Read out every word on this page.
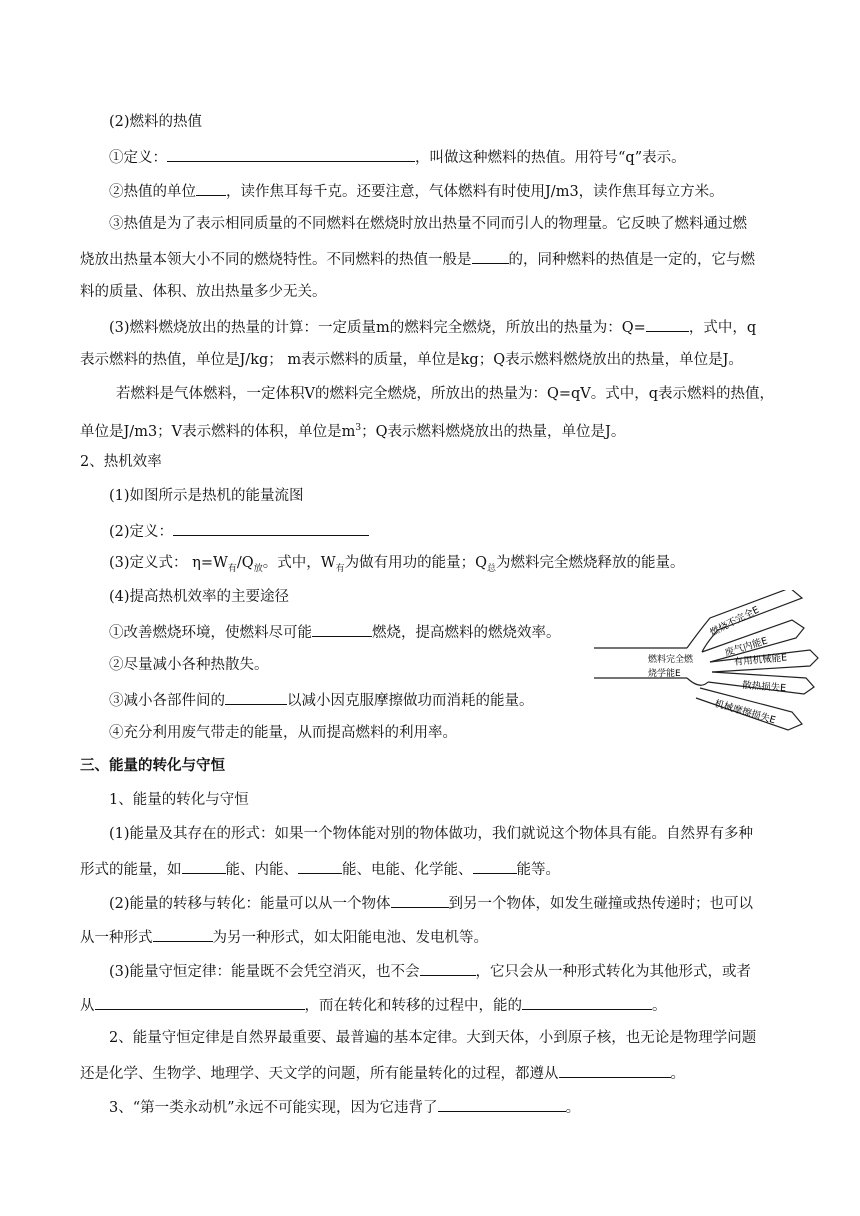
(2)燃料的热值
①定义：	，叫做这种燃料的热值。用符号“q”表示。
②热值的单位 ，读作焦耳每千克。还要注意，气体燃料有时使用J/m3，读作焦耳每立方米。
③热值是为了表示相同质量的不同燃料在燃烧时放出热量不同而引人的物理量。它反映了燃料通过燃
烧放出热量本领大小不同的燃烧特性。不同燃料的热值一般是	的，同种燃料的热值是一定的，它与燃
料的质量、体积、放出热量多少无关。
(3)燃料燃烧放出的热量的计算：一定质量m的燃料完全燃烧，所放出的热量为：Q=	，式中，q
表示燃料的热值，单位是J/kg； m表示燃料的质量，单位是kg；Q表示燃料燃烧放出的热量，单位是J。
若燃料是气体燃料，一定体积V的燃料完全燃烧，所放出的热量为：Q=qV。式中，q表示燃料的热值，
单位是J/m3；V表示燃料的体积，单位是$m^3$；Q表示燃料燃烧放出的热量，单位是J。
2、热机效率
(1)如图所示是热机的能量流图
(2)定义：
(3)定义式： $\eta=W_有/Q_放$。式中，$W_有$为做有用功的能量；$Q_总$为燃料完全燃烧释放的能量。
(4)提高热机效率的主要途径
①改善燃烧环境，使燃料尽可能	燃烧，提高燃料的燃烧效率。
②尽量减小各种热散失。
③减小各部件间的	以减小因克服摩擦做功而消耗的能量。
④充分利用废气带走的能量，从而提高燃料的利用率。
燃料完全燃
烧学能E
燃烧不完全E
废气内能E
有用机械能E
散热损失E
机械摩擦损失E
三、能量的转化与守恒
1、能量的转化与守恒
(1)能量及其存在的形式：如果一个物体能对别的物体做功，我们就说这个物体具有能。自然界有多种
形式的能量，如	能、内能、	能、电能、化学能、	能等。
(2)能量的转移与转化：能量可以从一个物体	到另一个物体，如发生碰撞或热传递时；也可以
从一种形式	为另一种形式，如太阳能电池、发电机等。
(3)能量守恒定律：能量既不会凭空消灭，也不会	，它只会从一种形式转化为其他形式，或者
从	，而在转化和转移的过程中，能的	。
2、能量守恒定律是自然界最重要、最普遍的基本定律。大到天体，小到原子核，也无论是物理学问题
还是化学、生物学、地理学、天文学的问题，所有能量转化的过程，都遵从	。
3、“第一类永动机”永远不可能实现，因为它违背了	。
